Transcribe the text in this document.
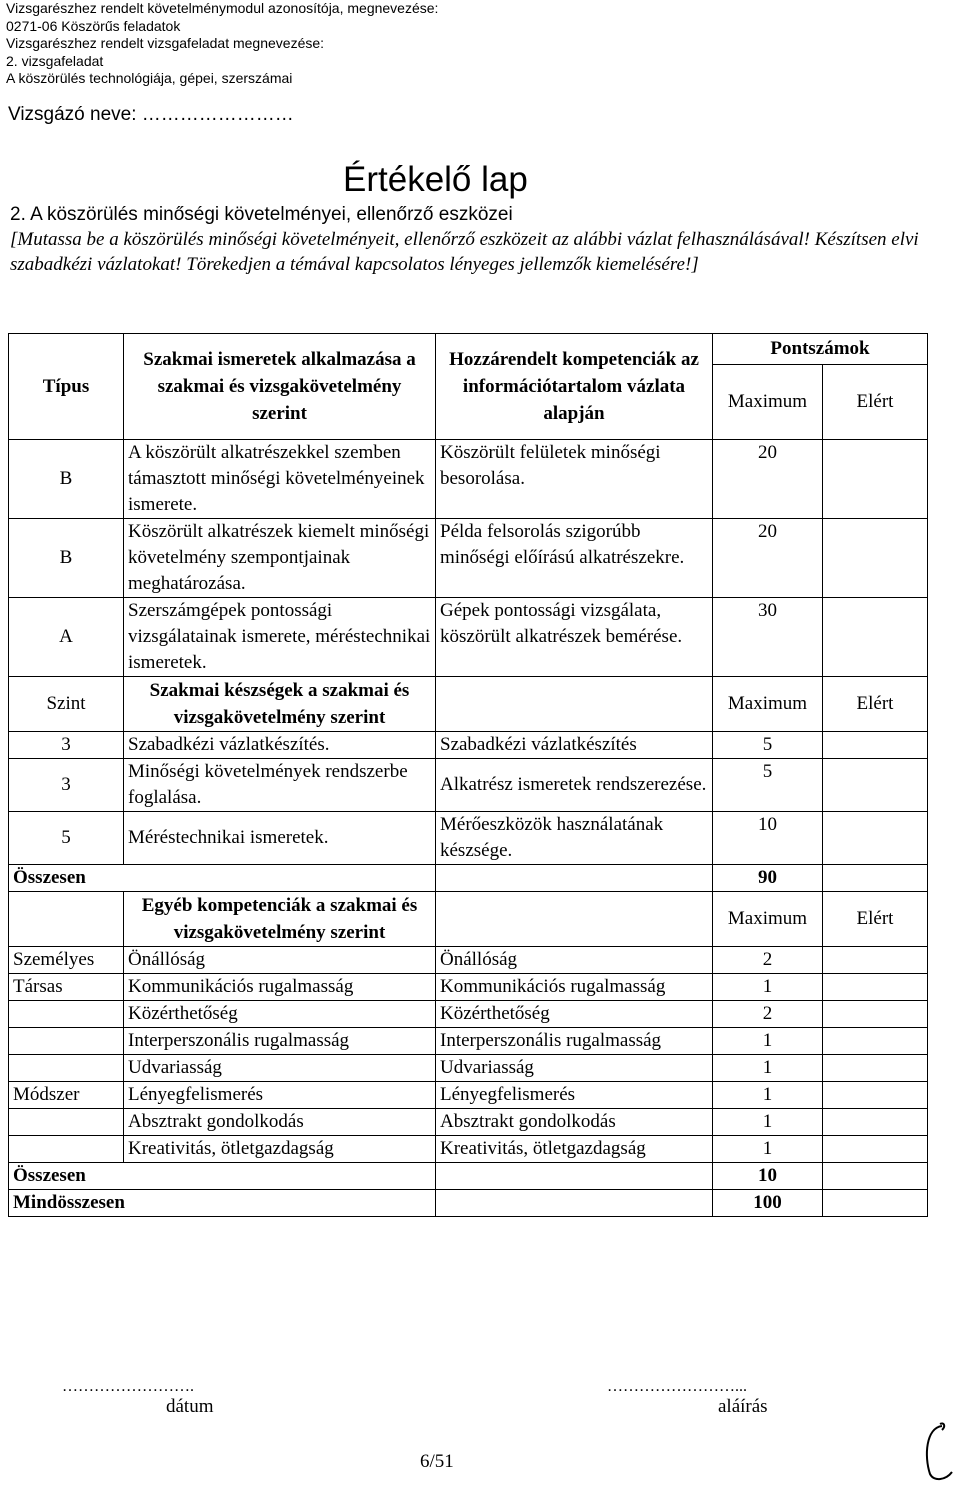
Vizsgarészhez rendelt követelménymodul azonosítója, megnevezése:
0271-06 Köszörűs feladatok
Vizsgarészhez rendelt vizsgafeladat megnevezése:
2. vizsgafeladat
A köszörülés technológiája, gépei, szerszámai
Vizsgázó neve: ……………………
Értékelő lap
2. A köszörülés minőségi követelményei, ellenőrző eszközei
[Mutassa be a köszörülés minőségi követelményeit, ellenőrző eszközeit az alábbi vázlat felhasználásával! Készítsen elvi szabadkézi vázlatokat! Törekedjen a témával kapcsolatos lényeges jellemzők kiemelésére!]
Típus	Szakmai ismeretek alkalmazása a szakmai és vizsgakövetelmény szerint	Hozzárendelt kompetenciák az információtartalom vázlata alapján	Pontszámok	
			Maximum	Elért
B	A köszörült alkatrészekkel szemben támasztott minőségi követelményeinek ismerete.	Köszörült felületek minőségi besorolása.	20	
B	Köszörült alkatrészek kiemelt minőségi követelmény szempontjainak meghatározása.	Példa felsorolás szigorúbb minőségi előírású alkatrészekre.	20	
A	Szerszámgépek pontossági vizsgálatainak ismerete, méréstechnikai ismeretek.	Gépek pontossági vizsgálata, köszörült alkatrészek bemérése.	30	
Szint	Szakmai készségek a szakmai és vizsgakövetelmény szerint		Maximum	Elért
3	Szabadkézi vázlatkészítés.	Szabadkézi vázlatkészítés	5	
3	Minőségi követelmények rendszerbe foglalása.	Alkatrész ismeretek rendszerezése.	5	
5	Méréstechnikai ismeretek.	Mérőeszközök használatának készsége.	10	
Összesen			90	
	Egyéb kompetenciák a szakmai és vizsgakövetelmény szerint		Maximum	Elért
Személyes	Önállóság	Önállóság	2	
Társas	Kommunikációs rugalmasság	Kommunikációs rugalmasság	1	
	Közérthetőség	Közérthetőség	2	
	Interperszonális rugalmasság	Interperszonális rugalmasság	1	
	Udvariasság	Udvariasság	1	
Módszer	Lényegfelismerés	Lényegfelismerés	1	
	Absztrakt gondolkodás	Absztrakt gondolkodás	1	
	Kreativitás, ötletgazdagság	Kreativitás, ötletgazdagság	1	
Összesen			10	
Mindösszesen			100	
…………………….
dátum
……………………...
aláírás
6/51
